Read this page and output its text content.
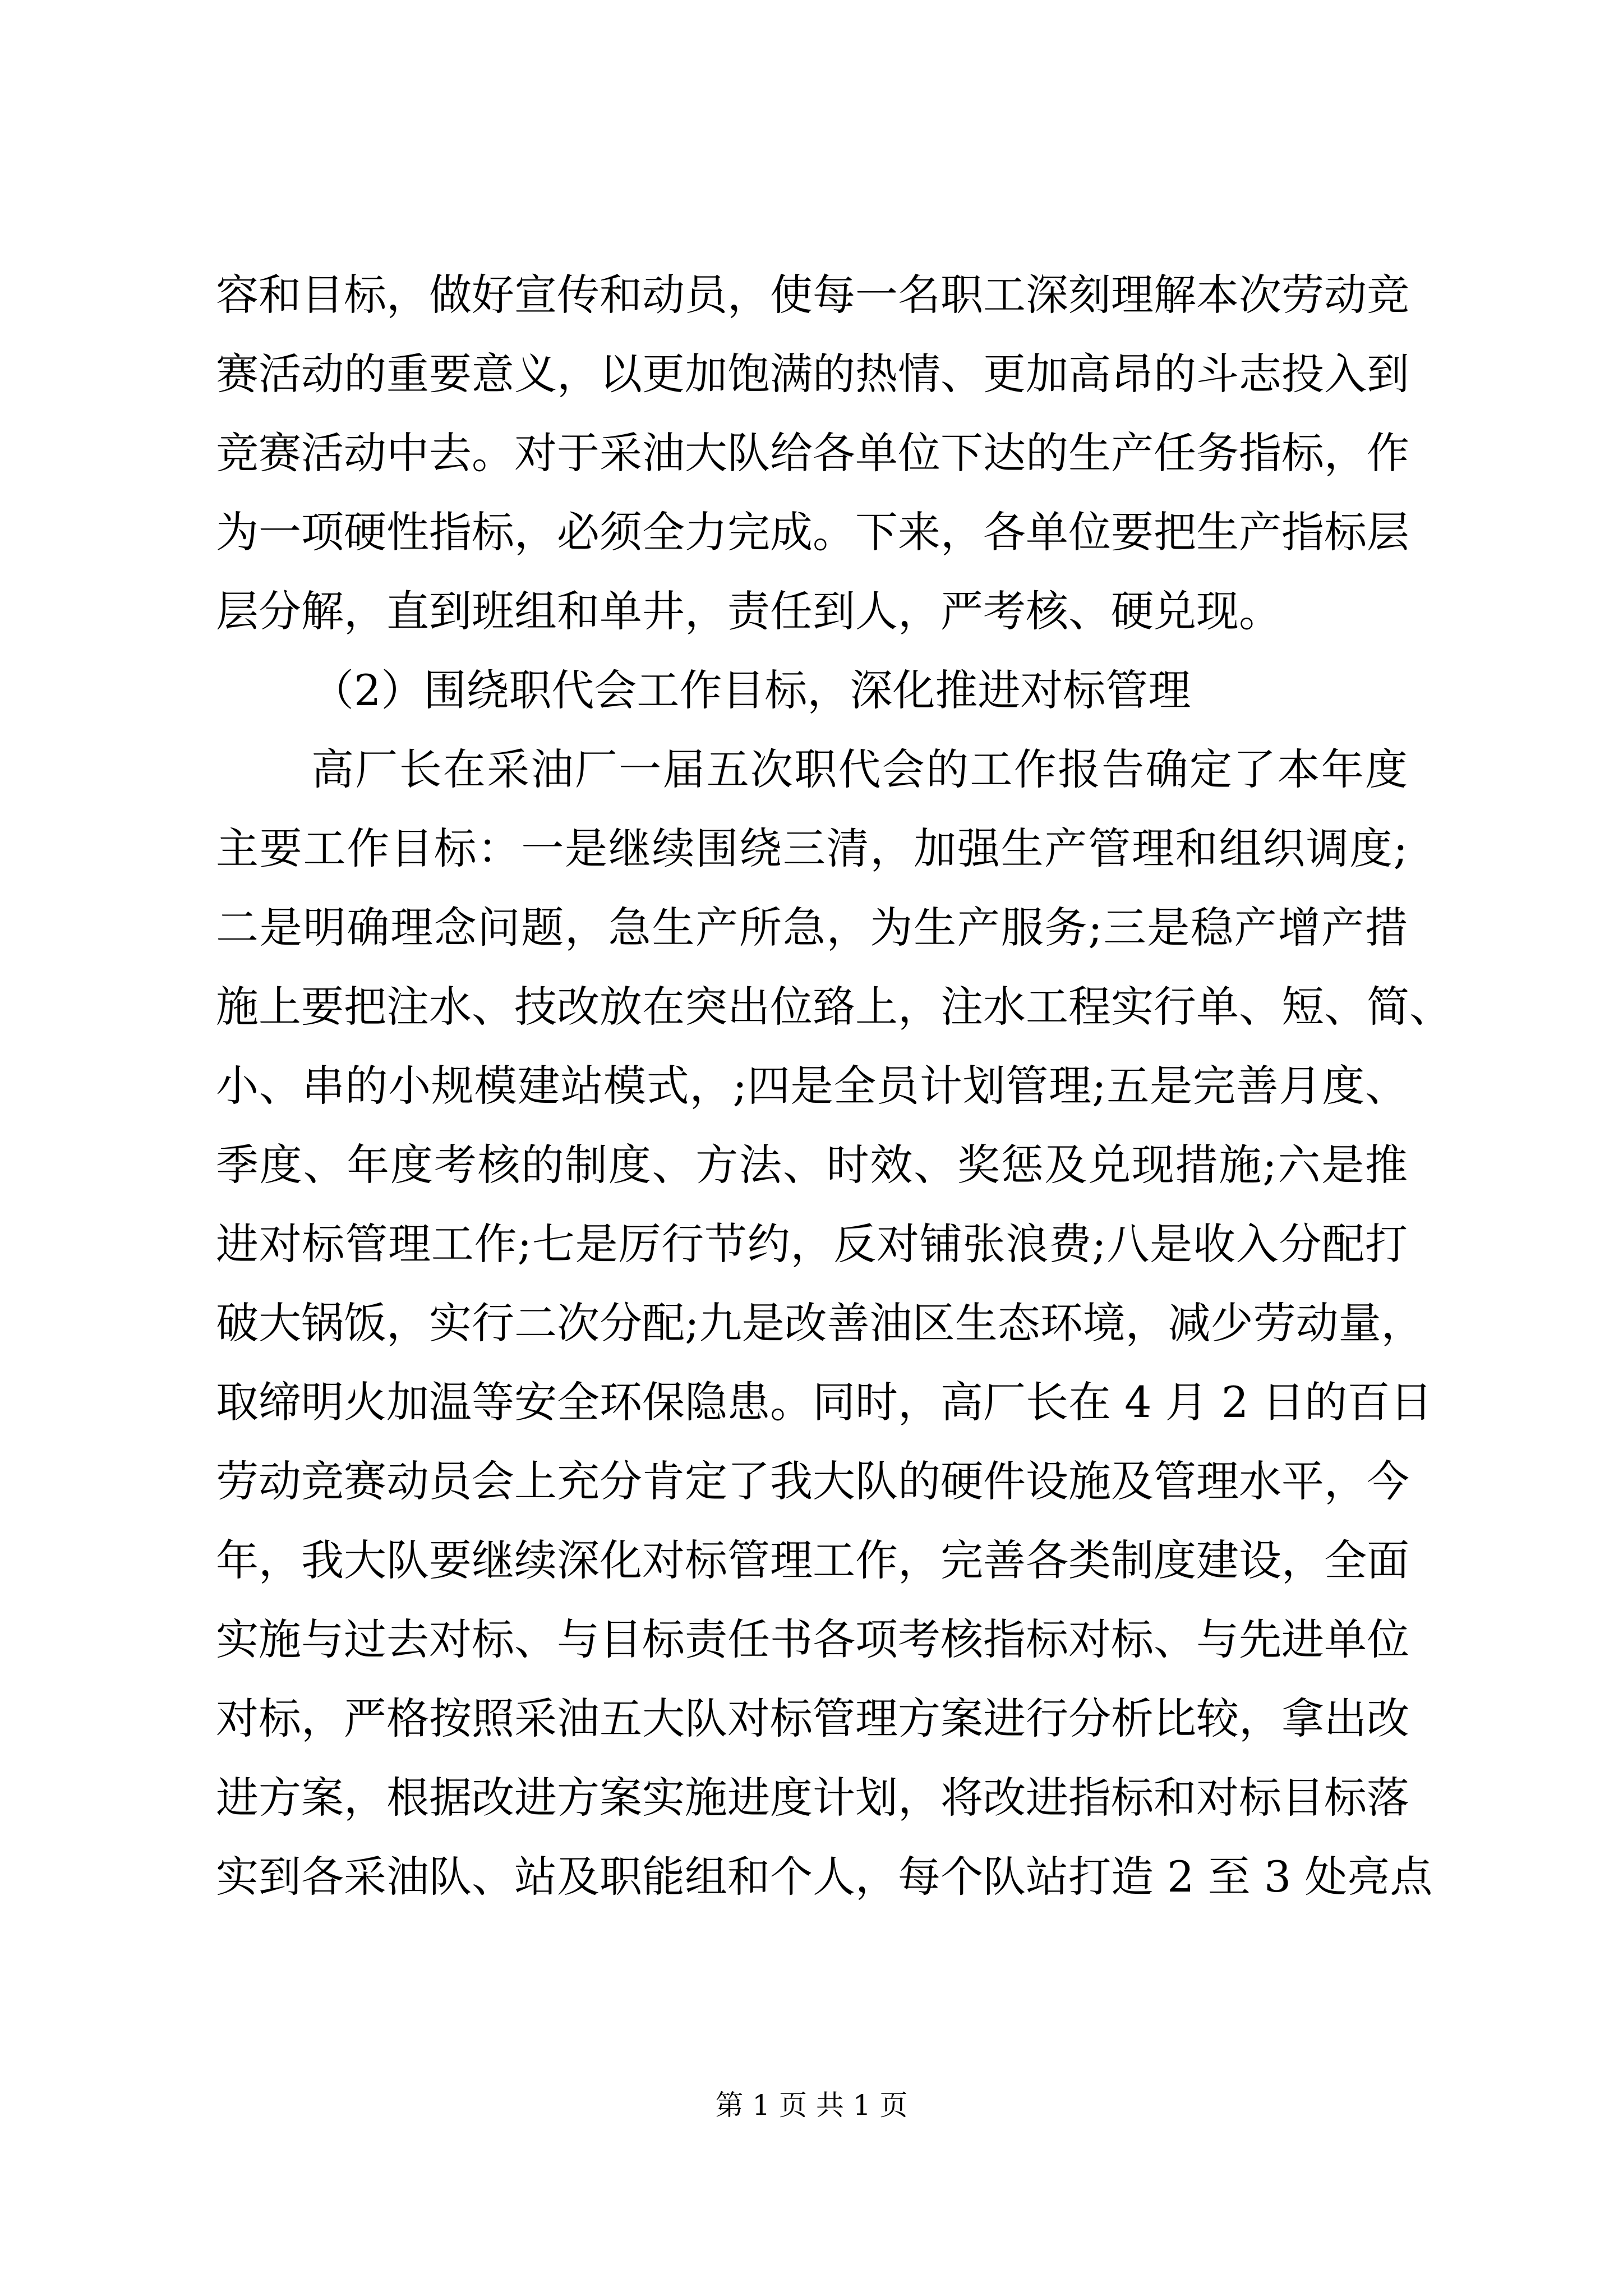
容和目标，做好宣传和动员，使每一名职工深刻理解本次劳动竞
赛活动的重要意义，以更加饱满的热情、更加高昂的斗志投入到
竞赛活动中去。对于采油大队给各单位下达的生产任务指标，作
为一项硬性指标，必须全力完成。下来，各单位要把生产指标层
层分解，直到班组和单井，责任到人，严考核、硬兑现。
（2）围绕职代会工作目标，深化推进对标管理
高厂长在采油厂一届五次职代会的工作报告确定了本年度
主要工作目标：一是继续围绕三清，加强生产管理和组织调度;
二是明确理念问题，急生产所急，为生产服务;三是稳产增产措
施上要把注水、技改放在突出位臵上，注水工程实行单、短、简、
小、串的小规模建站模式，;四是全员计划管理;五是完善月度、
季度、年度考核的制度、方法、时效、奖惩及兑现措施;六是推
进对标管理工作;七是厉行节约，反对铺张浪费;八是收入分配打
破大锅饭，实行二次分配;九是改善油区生态环境，减少劳动量，
取缔明火加温等安全环保隐患。同时，高厂长在 4 月 2 日的百日
劳动竞赛动员会上充分肯定了我大队的硬件设施及管理水平，今
年，我大队要继续深化对标管理工作，完善各类制度建设，全面
实施与过去对标、与目标责任书各项考核指标对标、与先进单位
对标，严格按照采油五大队对标管理方案进行分析比较，拿出改
进方案，根据改进方案实施进度计划，将改进指标和对标目标落
实到各采油队、站及职能组和个人，每个队站打造 2 至 3 处亮点
第 1 页 共 1 页
